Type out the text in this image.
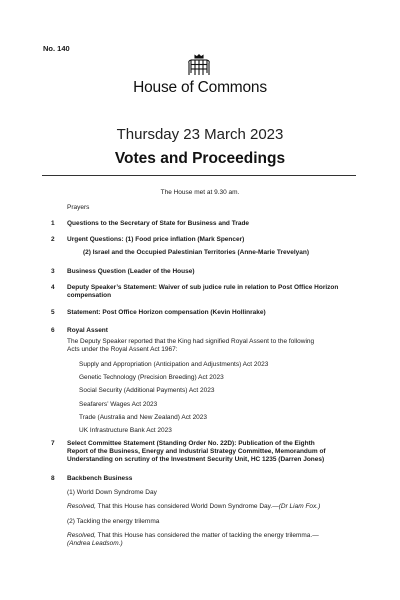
No. 140
House of Commons
Thursday 23 March 2023
Votes and Proceedings
The House met at 9.30 am.
Prayers
1 Questions to the Secretary of State for Business and Trade
2 Urgent Questions: (1) Food price inflation (Mark Spencer)
(2) Israel and the Occupied Palestinian Territories (Anne-Marie Trevelyan)
3 Business Question (Leader of the House)
4 Deputy Speaker’s Statement: Waiver of sub judice rule in relation to Post Office Horizon
compensation
5 Statement: Post Office Horizon compensation (Kevin Hollinrake)
6 Royal Assent
The Deputy Speaker reported that the King had signified Royal Assent to the following
Acts under the Royal Assent Act 1967:
Supply and Appropriation (Anticipation and Adjustments) Act 2023
Genetic Technology (Precision Breeding) Act 2023
Social Security (Additional Payments) Act 2023
Seafarers’ Wages Act 2023
Trade (Australia and New Zealand) Act 2023
UK Infrastructure Bank Act 2023
7 Select Committee Statement (Standing Order No. 22D): Publication of the Eighth
Report of the Business, Energy and Industrial Strategy Committee, Memorandum of
Understanding on scrutiny of the Investment Security Unit, HC 1235 (Darren Jones)
8 Backbench Business
(1) World Down Syndrome Day
Resolved, That this House has considered World Down Syndrome Day.—(Dr Liam Fox.)
(2) Tackling the energy trilemma
Resolved, That this House has considered the matter of tackling the energy trilemma.—
(Andrea Leadsom.)
